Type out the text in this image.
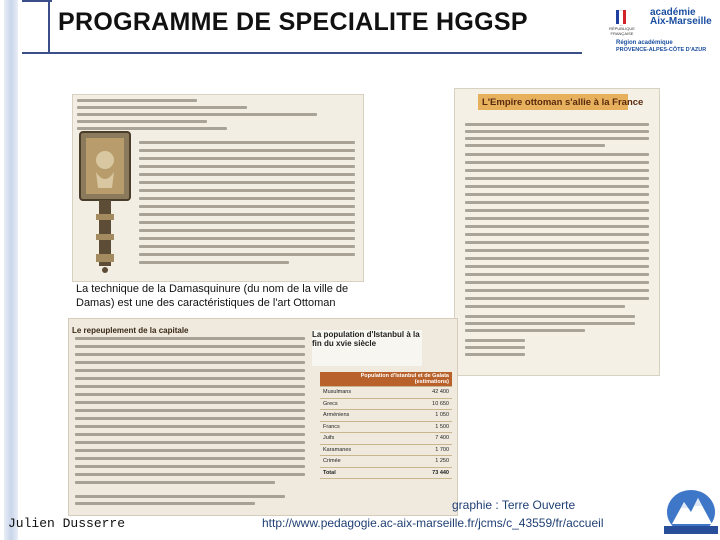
PROGRAMME DE SPECIALITE HGGSP	RÉPUBLIQUE FRANÇAISE
académie
Aix-Marseille
Région académique
PROVENCE-ALPES-CÔTE D'AZUR
La technique de la Damasquinure (du nom de la ville de Damas) est une des caractéristiques de l'art Ottoman
L'Empire ottoman s'allie à la France
Le repeuplement de la capitale	La population d'Istanbul à la fin du xvie siècle
	Population d'Istanbul et de Galata (estimations)
Musulmans	42 400
Grecs	10 650
Arméniens	1 050
Francs	1 500
Juifs	7 400
Karamanes	1 700
Crimée	1 250
Total	73 440
Julien Dusserre
graphie : Terre Ouverte
http://www.pedagogie.ac-aix-marseille.fr/jcms/c_43559/fr/accueil
